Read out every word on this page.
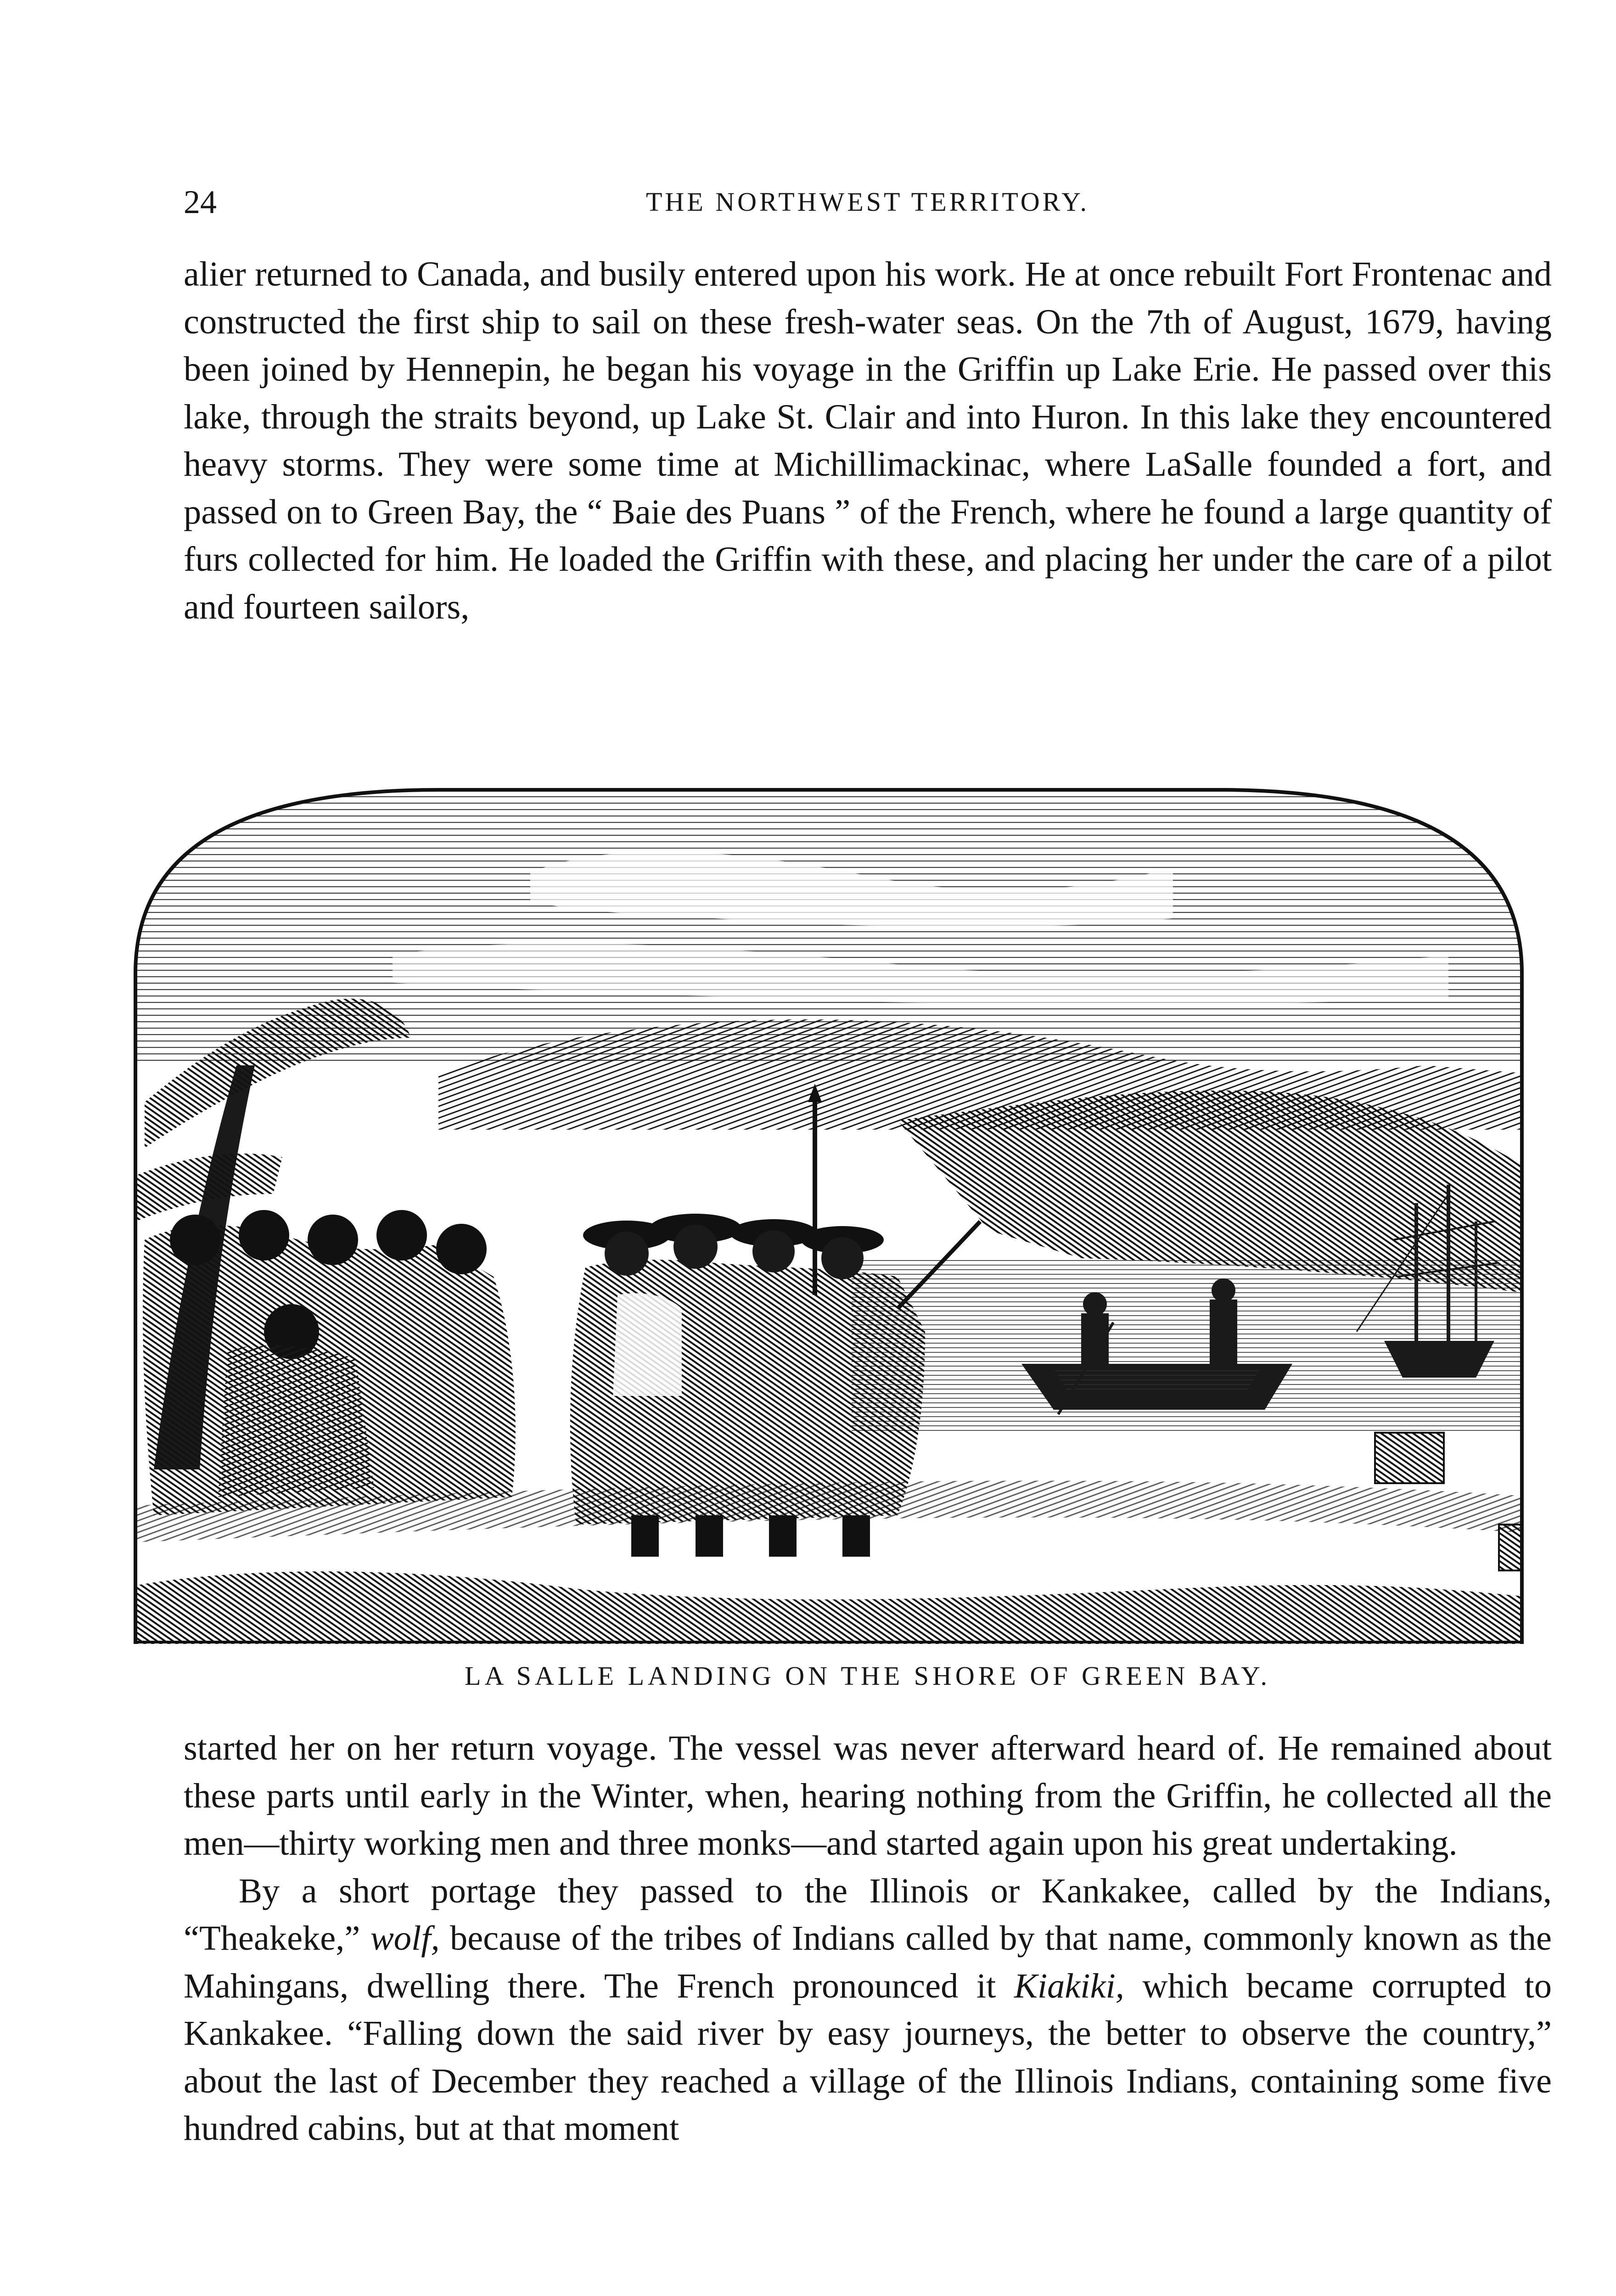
24	THE NORTHWEST TERRITORY.

alier returned to Canada, and busily entered upon his work. He at once rebuilt Fort Frontenac and constructed the first ship to sail on these fresh-water seas. On the 7th of August, 1679, having been joined by Hennepin, he began his voyage in the Griffin up Lake Erie. He passed over this lake, through the straits beyond, up Lake St. Clair and into Huron. In this lake they encountered heavy storms. They were some time at Michillimackinac, where LaSalle founded a fort, and passed on to Green Bay, the “ Baie des Puans ” of the French, where he found a large quantity of furs collected for him. He loaded the Griffin with these, and placing her under the care of a pilot and fourteen sailors,

LA SALLE LANDING ON THE SHORE OF GREEN BAY.

started her on her return voyage. The vessel was never afterward heard of. He remained about these parts until early in the Winter, when, hearing nothing from the Griffin, he collected all the men—thirty working men and three monks—and started again upon his great undertaking.

By a short portage they passed to the Illinois or Kankakee, called by the Indians, “Theakeke,” wolf, because of the tribes of Indians called by that name, commonly known as the Mahingans, dwelling there. The French pronounced it Kiakiki, which became corrupted to Kankakee. “Falling down the said river by easy journeys, the better to observe the country,” about the last of December they reached a village of the Illinois Indians, containing some five hundred cabins, but at that moment
